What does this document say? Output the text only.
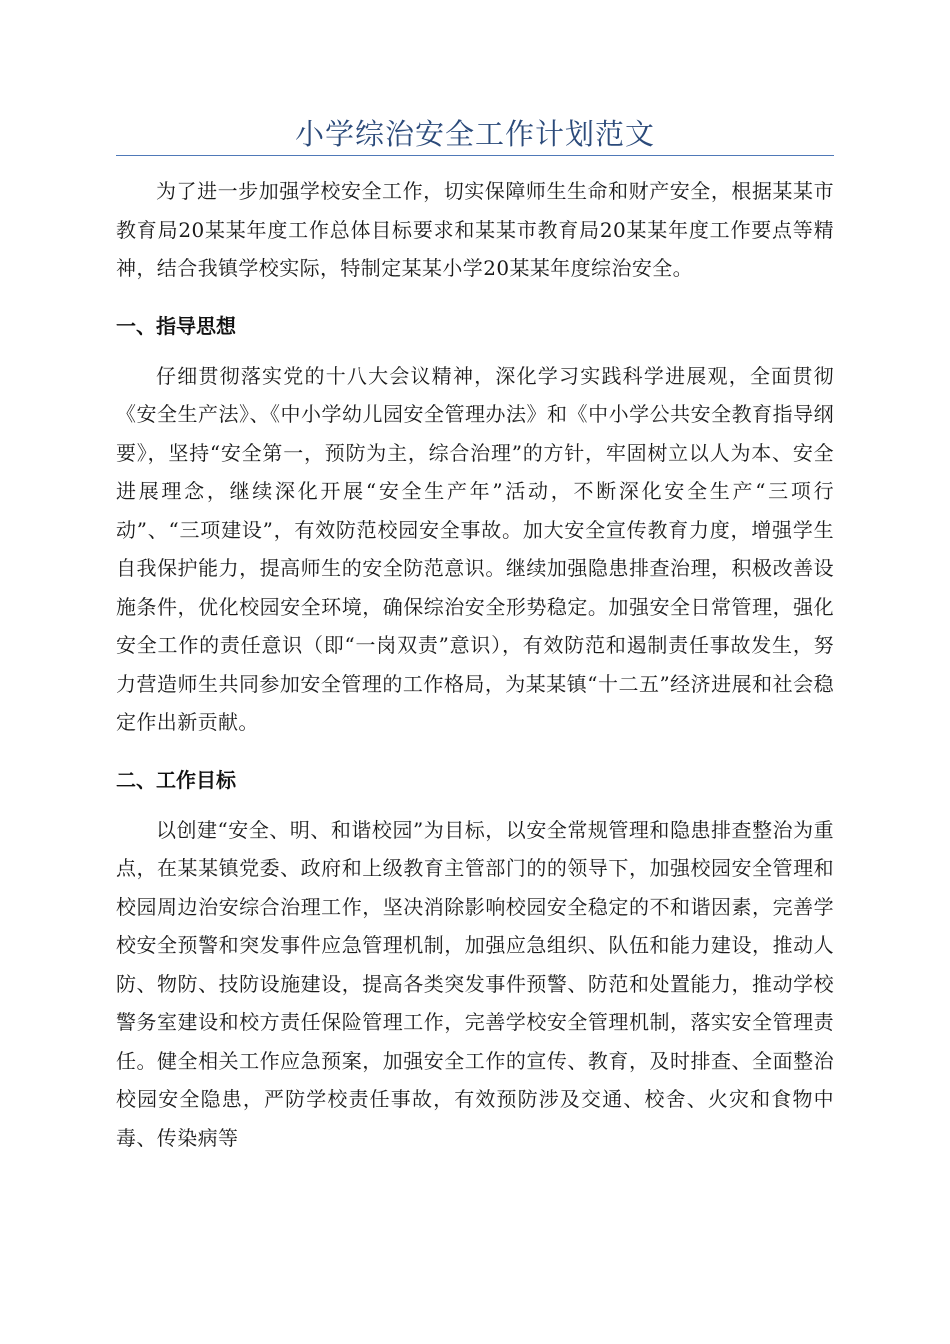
小学综治安全工作计划范文

为了进一步加强学校安全工作，切实保障师生生命和财产安全，根据某某市教育局20某某年度工作总体目标要求和某某市教育局20某某年度工作要点等精神，结合我镇学校实际，特制定某某小学20某某年度综治安全。

一、指导思想

仔细贯彻落实党的十八大会议精神，深化学习实践科学进展观，全面贯彻《安全生产法》、《中小学幼儿园安全管理办法》和《中小学公共安全教育指导纲要》，坚持“安全第一，预防为主，综合治理”的方针，牢固树立以人为本、安全进展理念，继续深化开展“安全生产年”活动，不断深化安全生产“三项行动”、“三项建设”，有效防范校园安全事故。加大安全宣传教育力度，增强学生自我保护能力，提高师生的安全防范意识。继续加强隐患排查治理，积极改善设施条件，优化校园安全环境，确保综治安全形势稳定。加强安全日常管理，强化安全工作的责任意识（即“一岗双责”意识），有效防范和遏制责任事故发生，努力营造师生共同参加安全管理的工作格局，为某某镇“十二五”经济进展和社会稳定作出新贡献。

二、工作目标

以创建“安全、明、和谐校园”为目标，以安全常规管理和隐患排查整治为重点，在某某镇党委、政府和上级教育主管部门的的领导下，加强校园安全管理和校园周边治安综合治理工作，坚决消除影响校园安全稳定的不和谐因素，完善学校安全预警和突发事件应急管理机制，加强应急组织、队伍和能力建设，推动人防、物防、技防设施建设，提高各类突发事件预警、防范和处置能力，推动学校警务室建设和校方责任保险管理工作，完善学校安全管理机制，落实安全管理责任。健全相关工作应急预案，加强安全工作的宣传、教育，及时排查、全面整治校园安全隐患，严防学校责任事故，有效预防涉及交通、校舍、火灾和食物中毒、传染病等
